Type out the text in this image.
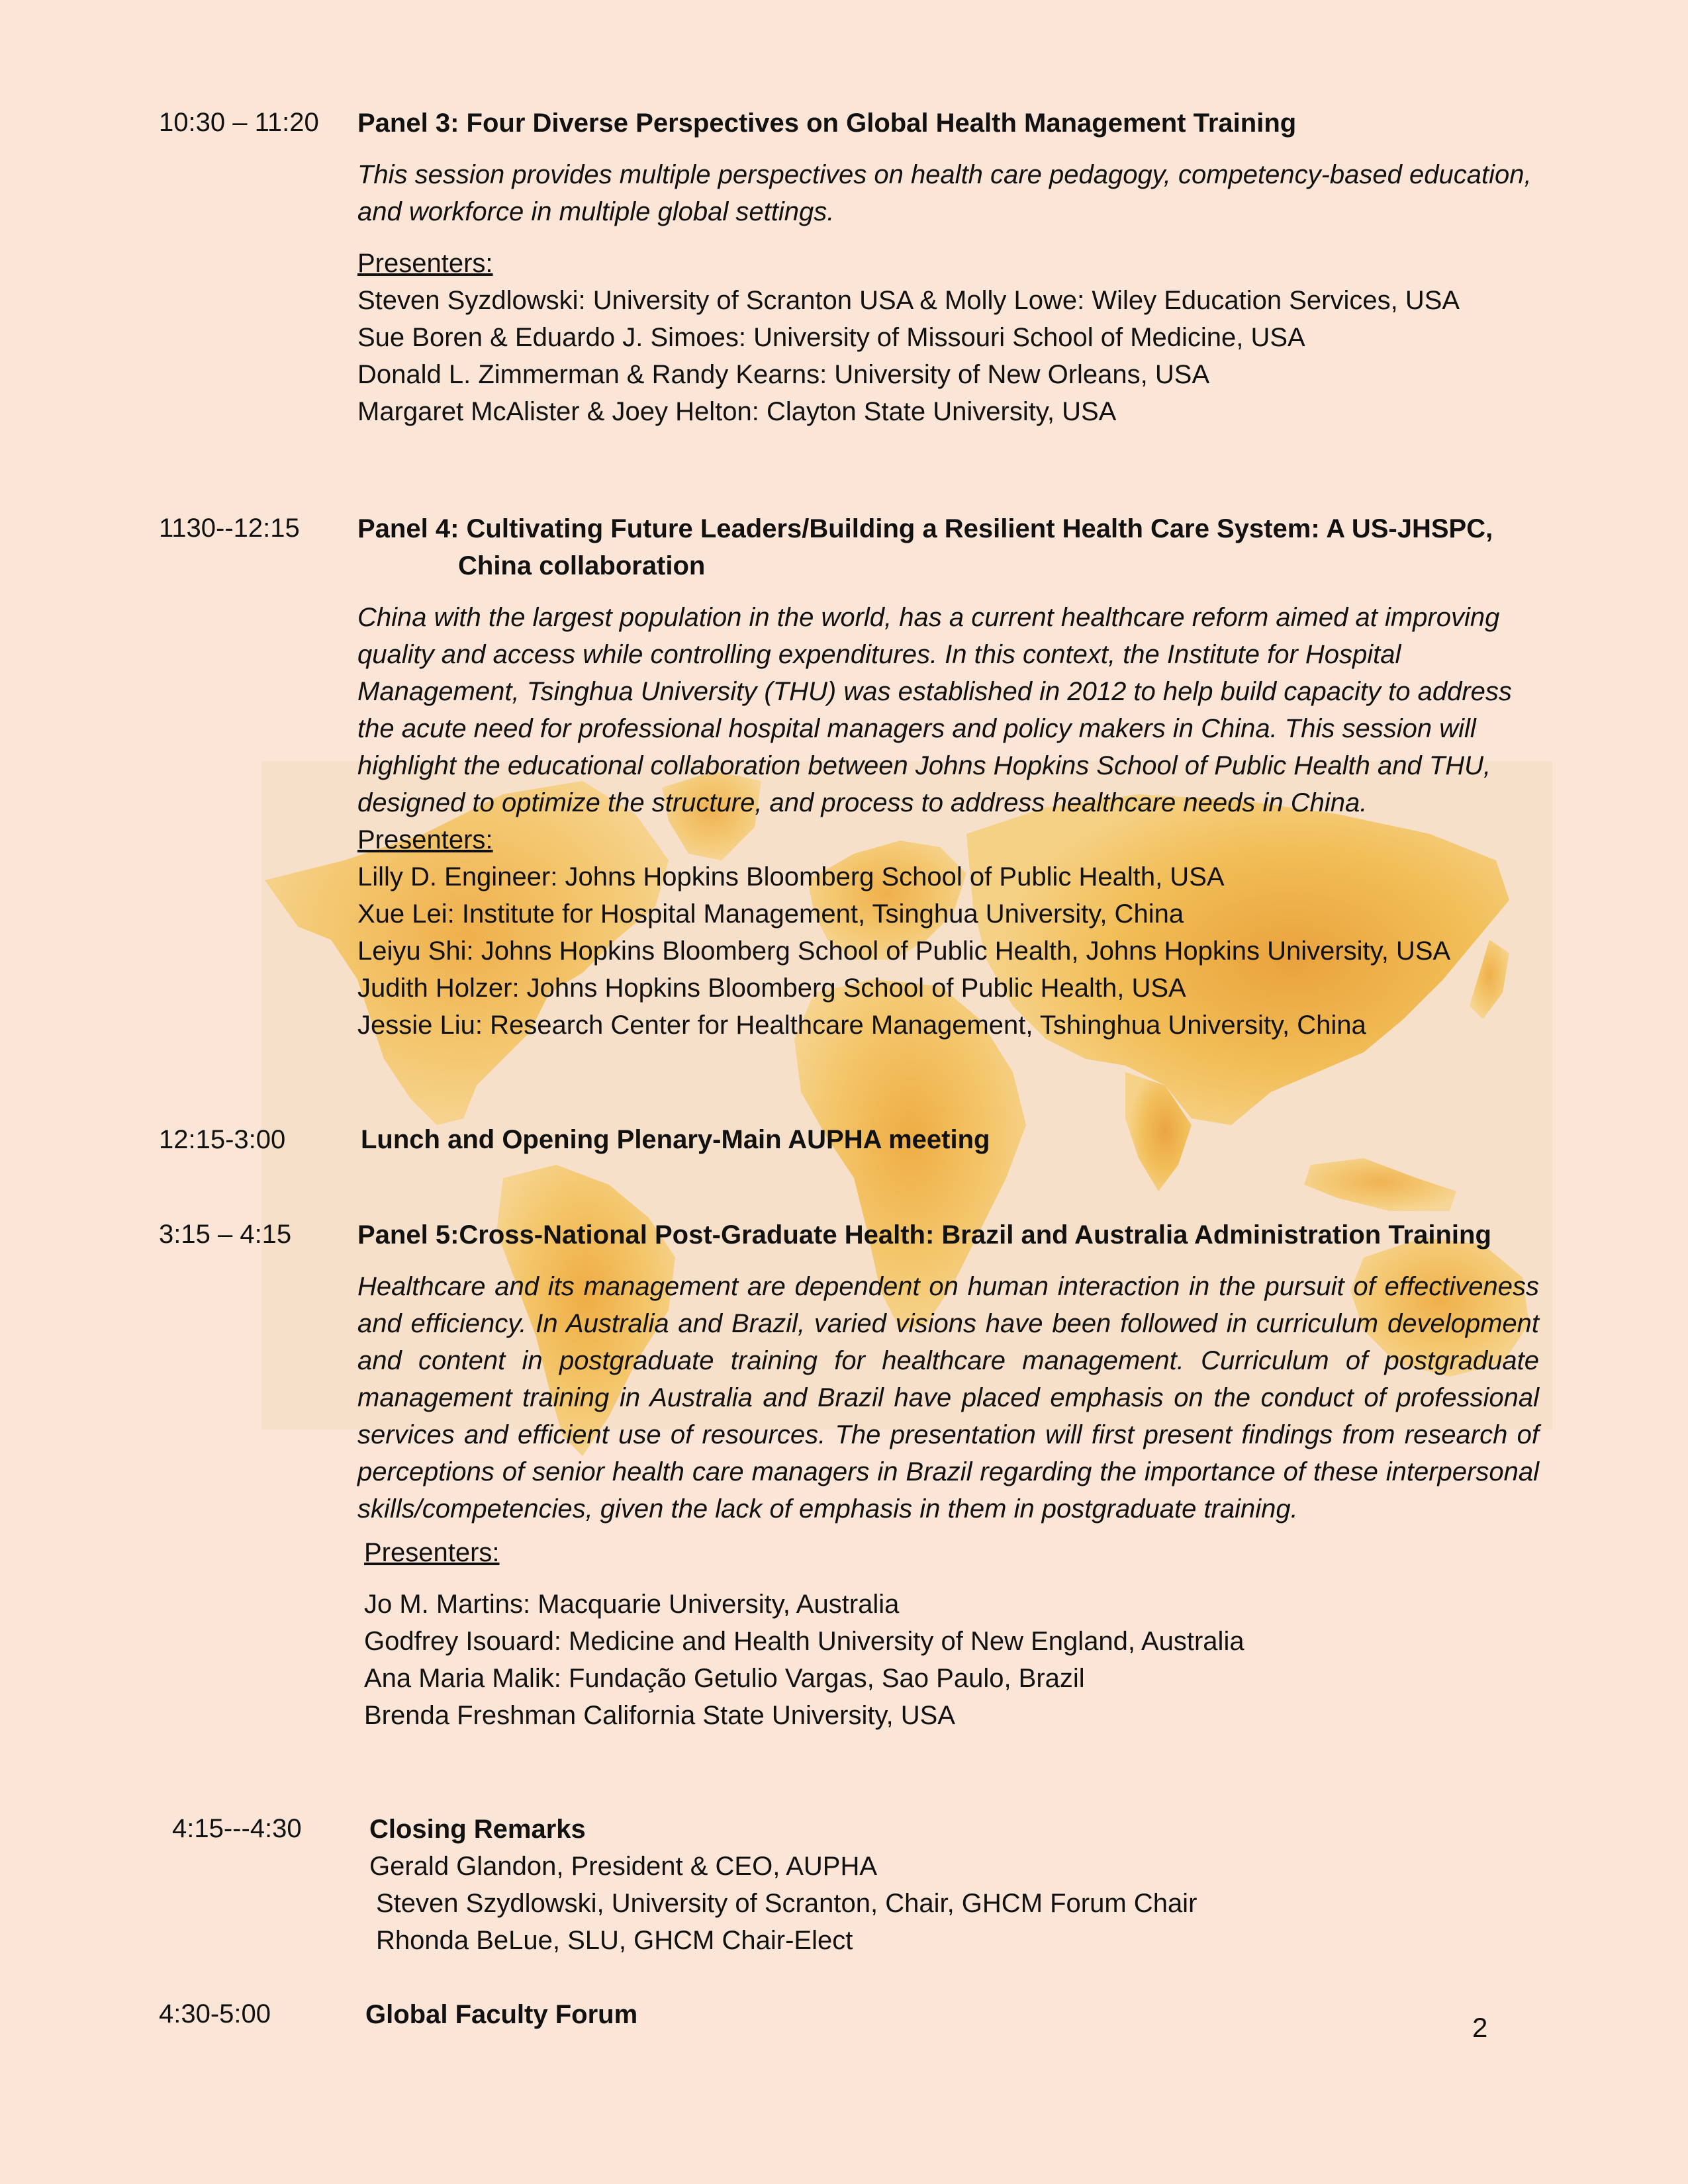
10:30 – 11:20 Panel 3: Four Diverse Perspectives on Global Health Management Training

This session provides multiple perspectives on health care pedagogy, competency-based education, and workforce in multiple global settings.

Presenters:

Steven Syzdlowski: University of Scranton USA & Molly Lowe: Wiley Education Services, USA
Sue Boren & Eduardo J. Simoes: University of Missouri School of Medicine, USA
Donald L. Zimmerman & Randy Kearns: University of New Orleans, USA
Margaret McAlister & Joey Helton: Clayton State University, USA
1130--12:15 Panel 4: Cultivating Future Leaders/Building a Resilient Health Care System: A US-JHSPC,
China collaboration

China with the largest population in the world, has a current healthcare reform aimed at improving quality and access while controlling expenditures. In this context, the Institute for Hospital Management, Tsinghua University (THU) was established in 2012 to help build capacity to address the acute need for professional hospital managers and policy makers in China. This session will highlight the educational collaboration between Johns Hopkins School of Public Health and THU, designed to optimize the structure, and process to address healthcare needs in China.

Presenters:

Lilly D. Engineer: Johns Hopkins Bloomberg School of Public Health, USA
Xue Lei: Institute for Hospital Management, Tsinghua University, China
Leiyu Shi: Johns Hopkins Bloomberg School of Public Health, Johns Hopkins University, USA
Judith Holzer: Johns Hopkins Bloomberg School of Public Health, USA
Jessie Liu: Research Center for Healthcare Management, Tshinghua University, China
12:15-3:00	Lunch and Opening Plenary-Main AUPHA meeting

3:15 – 4:15 Panel 5:Cross-National Post-Graduate Health: Brazil and Australia Administration Training

Healthcare and its management are dependent on human interaction in the pursuit of effectiveness and efficiency. In Australia and Brazil, varied visions have been followed in curriculum development and content in postgraduate training for healthcare management. Curriculum of postgraduate management training in Australia and Brazil have placed emphasis on the conduct of professional services and efficient use of resources. The presentation will first present findings from research of perceptions of senior health care managers in Brazil regarding the importance of these interpersonal skills/competencies, given the lack of emphasis in them in postgraduate training.

Presenters:

Jo M. Martins: Macquarie University, Australia
Godfrey Isouard: Medicine and Health University of New England, Australia
Ana Maria Malik: Fundação Getulio Vargas, Sao Paulo, Brazil
Brenda Freshman California State University, USA
4:15---4:30	Closing Remarks

Gerald Glandon, President & CEO, AUPHA
Steven Szydlowski, University of Scranton, Chair, GHCM Forum Chair
Rhonda BeLue, SLU, GHCM Chair-Elect
4:30-5:00	Global Faculty Forum	2
